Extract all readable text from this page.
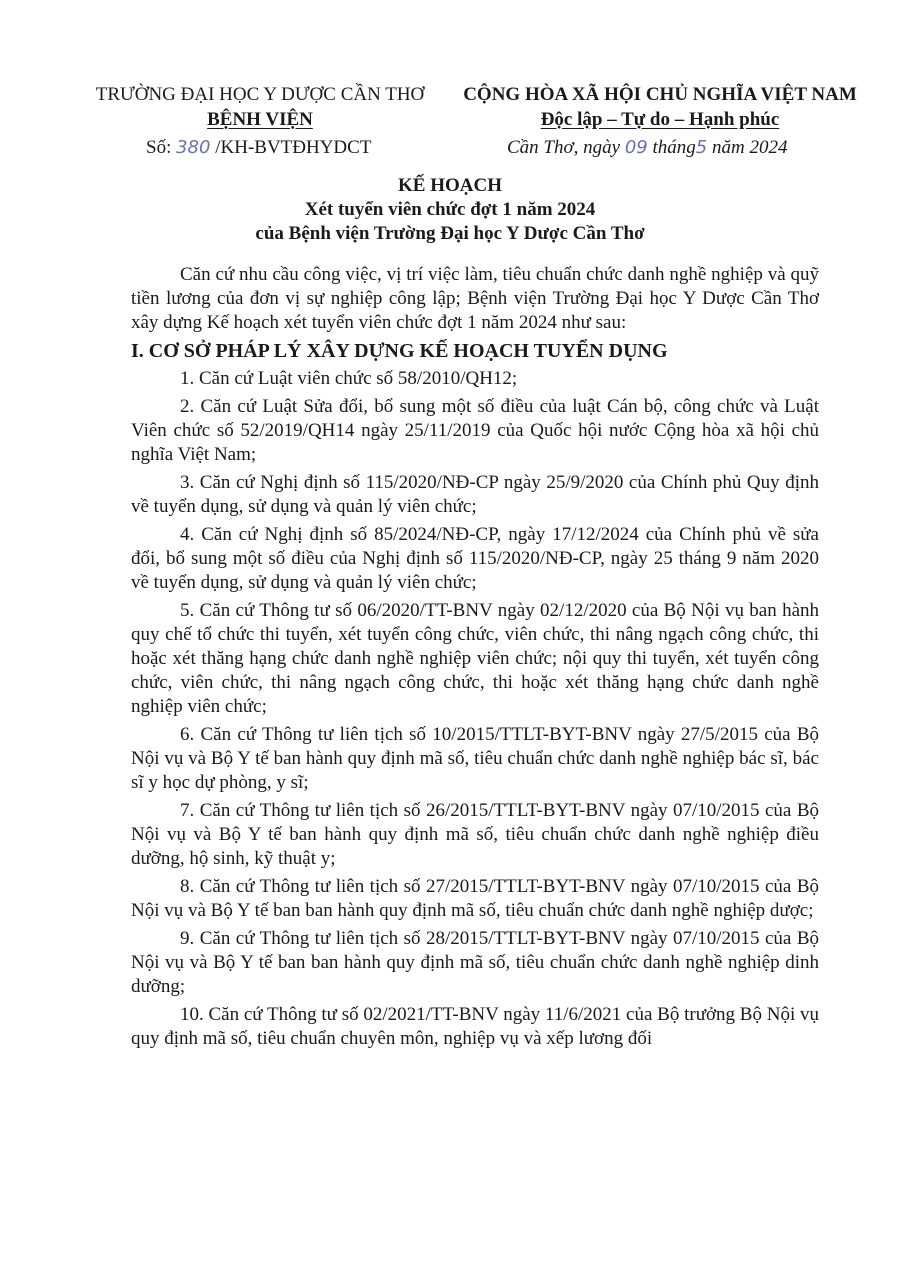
TRƯỜNG ĐẠI HỌC Y DƯỢC CẦN THƠ
BỆNH VIỆN
CỘNG HÒA XÃ HỘI CHỦ NGHĨA VIỆT NAM
Độc lập – Tự do – Hạnh phúc
Số: 380 /KH-BVTĐHYDCT	Cần Thơ, ngày 09 tháng5 năm 2024
KẾ HOẠCH
Xét tuyển viên chức đợt 1 năm 2024
của Bệnh viện Trường Đại học Y Dược Cần Thơ

Căn cứ nhu cầu công việc, vị trí việc làm, tiêu chuẩn chức danh nghề nghiệp và quỹ tiền lương của đơn vị sự nghiệp công lập; Bệnh viện Trường Đại học Y Dược Cần Thơ xây dựng Kế hoạch xét tuyển viên chức đợt 1 năm 2024 như sau:

I. CƠ SỞ PHÁP LÝ XÂY DỰNG KẾ HOẠCH TUYỂN DỤNG

1. Căn cứ Luật viên chức số 58/2010/QH12;

2. Căn cứ Luật Sửa đổi, bổ sung một số điều của luật Cán bộ, công chức và Luật Viên chức số 52/2019/QH14 ngày 25/11/2019 của Quốc hội nước Cộng hòa xã hội chủ nghĩa Việt Nam;

3. Căn cứ Nghị định số 115/2020/NĐ-CP ngày 25/9/2020 của Chính phủ Quy định về tuyển dụng, sử dụng và quản lý viên chức;

4. Căn cứ Nghị định số 85/2024/NĐ-CP, ngày 17/12/2024 của Chính phủ về sửa đổi, bổ sung một số điều của Nghị định số 115/2020/NĐ-CP, ngày 25 tháng 9 năm 2020 về tuyển dụng, sử dụng và quản lý viên chức;

5. Căn cứ Thông tư số 06/2020/TT-BNV ngày 02/12/2020 của Bộ Nội vụ ban hành quy chế tổ chức thi tuyển, xét tuyển công chức, viên chức, thi nâng ngạch công chức, thi hoặc xét thăng hạng chức danh nghề nghiệp viên chức; nội quy thi tuyển, xét tuyển công chức, viên chức, thi nâng ngạch công chức, thi hoặc xét thăng hạng chức danh nghề nghiệp viên chức;

6. Căn cứ Thông tư liên tịch số 10/2015/TTLT-BYT-BNV ngày 27/5/2015 của Bộ Nội vụ và Bộ Y tế ban hành quy định mã số, tiêu chuẩn chức danh nghề nghiệp bác sĩ, bác sĩ y học dự phòng, y sĩ;

7. Căn cứ Thông tư liên tịch số 26/2015/TTLT-BYT-BNV ngày 07/10/2015 của Bộ Nội vụ và Bộ Y tế ban hành quy định mã số, tiêu chuẩn chức danh nghề nghiệp điều dưỡng, hộ sinh, kỹ thuật y;

8. Căn cứ Thông tư liên tịch số 27/2015/TTLT-BYT-BNV ngày 07/10/2015 của Bộ Nội vụ và Bộ Y tế ban ban hành quy định mã số, tiêu chuẩn chức danh nghề nghiệp dược;

9. Căn cứ Thông tư liên tịch số 28/2015/TTLT-BYT-BNV ngày 07/10/2015 của Bộ Nội vụ và Bộ Y tế ban ban hành quy định mã số, tiêu chuẩn chức danh nghề nghiệp dinh dưỡng;

10. Căn cứ Thông tư số 02/2021/TT-BNV ngày 11/6/2021 của Bộ trưởng Bộ Nội vụ quy định mã số, tiêu chuẩn chuyên môn, nghiệp vụ và xếp lương đối
